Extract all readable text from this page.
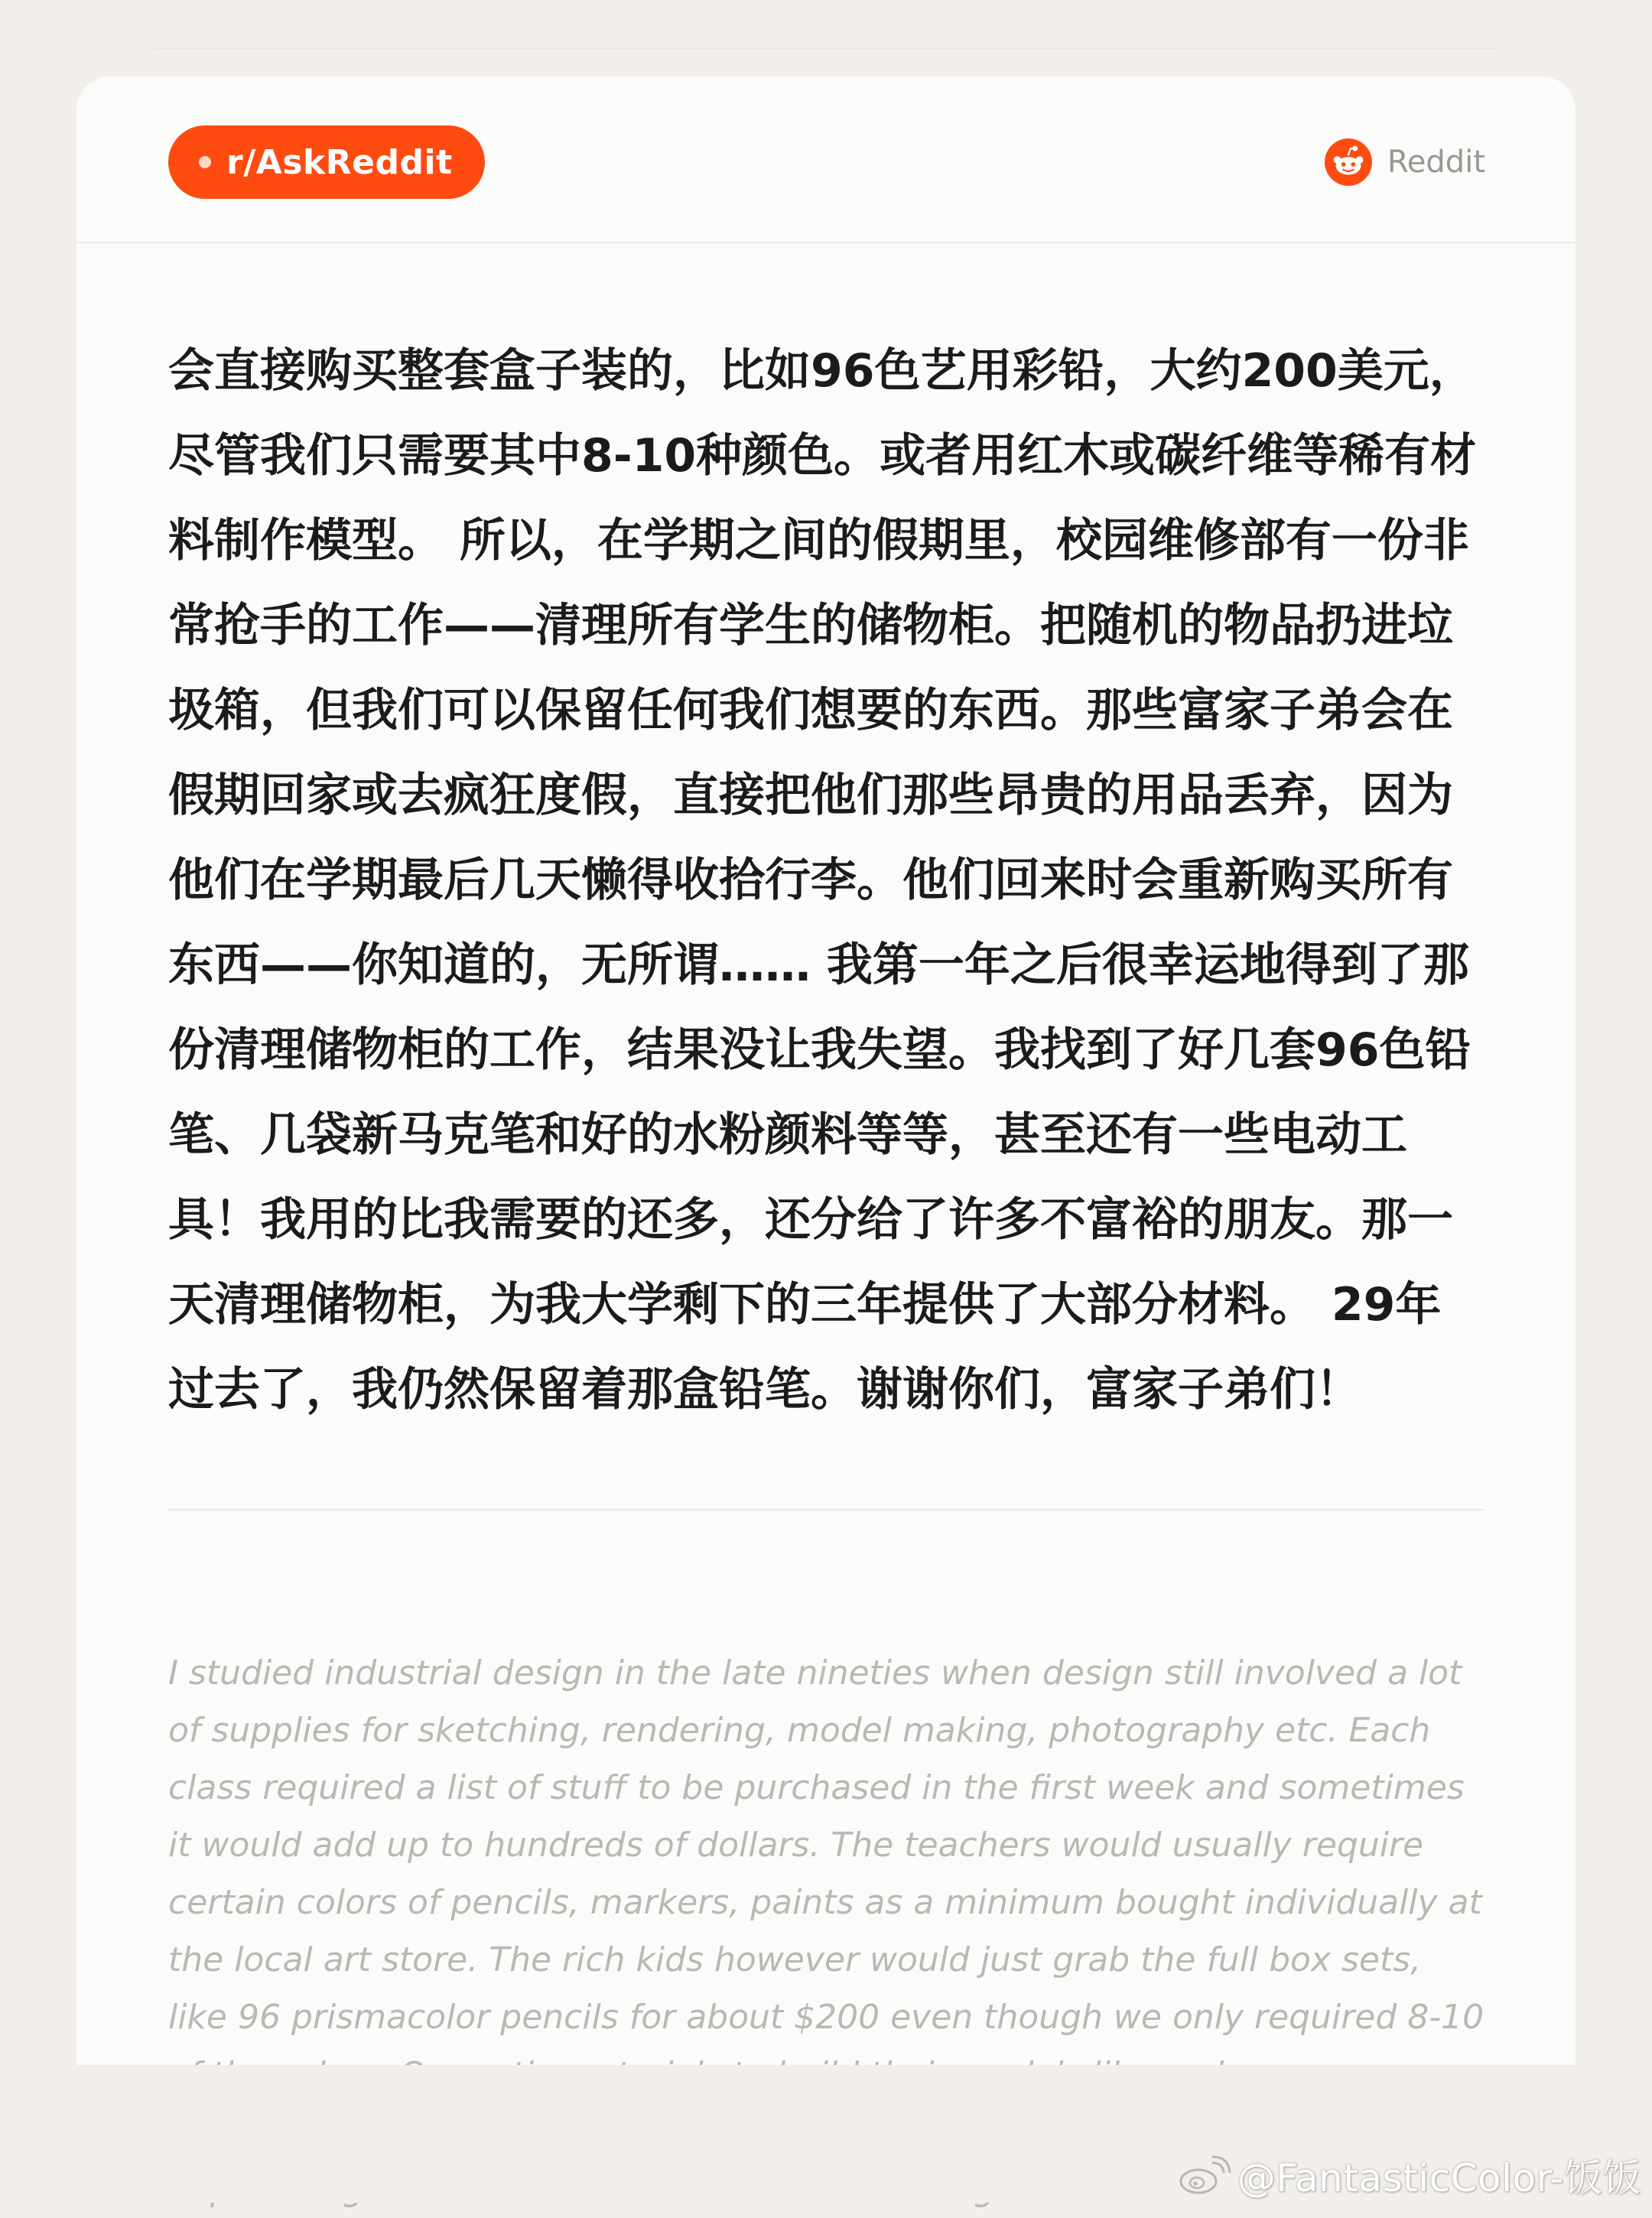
r/AskReddit	Reddit

会直接购买整套盒子装的，比如96色艺用彩铅，大约200美元，尽管我们只需要其中8-10种颜色。或者用红木或碳纤维等稀有材料制作模型。 所以，在学期之间的假期里，校园维修部有一份非常抢手的工作——清理所有学生的储物柜。把随机的物品扔进垃圾箱，但我们可以保留任何我们想要的东西。那些富家子弟会在假期回家或去疯狂度假，直接把他们那些昂贵的用品丢弃，因为他们在学期最后几天懒得收拾行李。他们回来时会重新购买所有东西——你知道的，无所谓…… 我第一年之后很幸运地得到了那份清理储物柜的工作，结果没让我失望。我找到了好几套96色铅笔、几袋新马克笔和好的水粉颜料等等，甚至还有一些电动工具！我用的比我需要的还多，还分给了许多不富裕的朋友。那一天清理储物柜，为我大学剩下的三年提供了大部分材料。 29年过去了，我仍然保留着那盒铅笔。谢谢你们，富家子弟们！

I studied industrial design in the late nineties when design still involved a lot of supplies for sketching, rendering, model making, photography etc. Each class required a list of stuff to be purchased in the first week and sometimes it would add up to hundreds of dollars. The teachers would usually require certain colors of pencils, markers, paints as a minimum bought individually at the local art store. The rich kids however would just grab the full box sets, like 96 prismacolor pencils for about $200 even though we only required 8-10

@FantasticColor-饭饭
